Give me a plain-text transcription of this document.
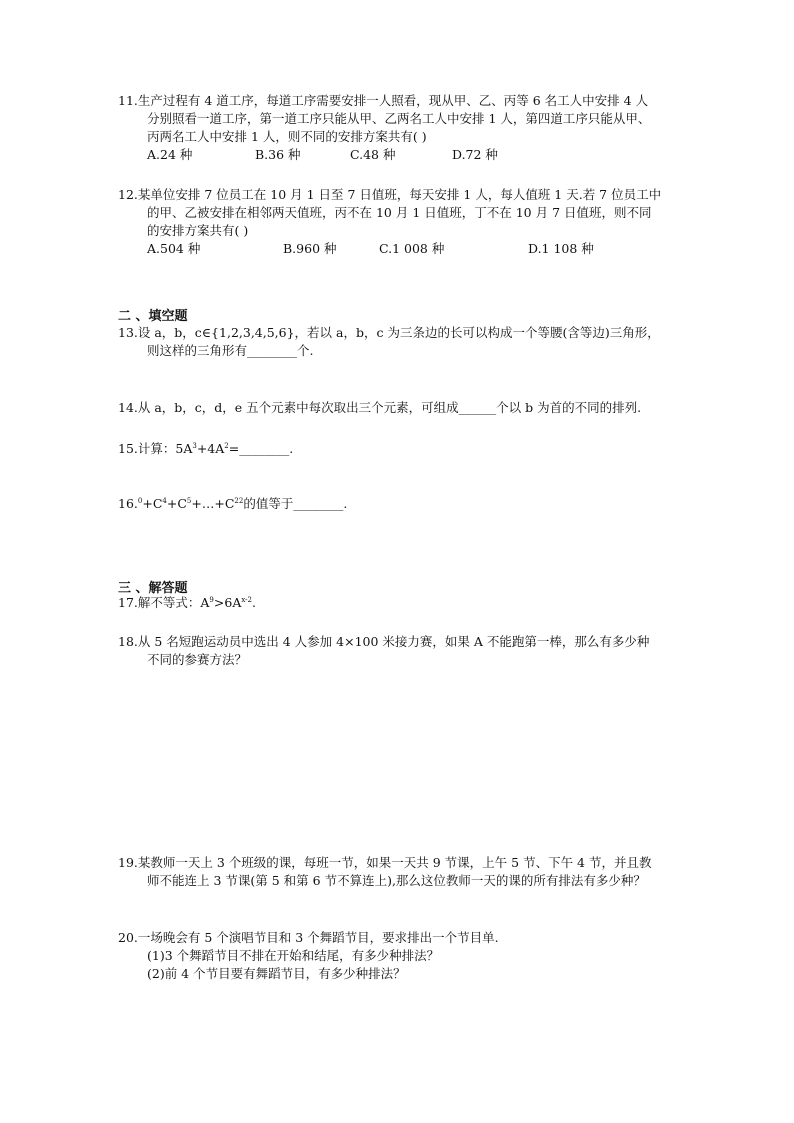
11.生产过程有 4 道工序，每道工序需要安排一人照看，现从甲、乙、丙等 6 名工人中安排 4 人
分别照看一道工序，第一道工序只能从甲、乙两名工人中安排 1 人，第四道工序只能从甲、
丙两名工人中安排 1 人，则不同的安排方案共有( )
A.24 种	B.36 种	C.48 种	D.72 种
12.某单位安排 7 位员工在 10 月 1 日至 7 日值班，每天安排 1 人，每人值班 1 天.若 7 位员工中
的甲、乙被安排在相邻两天值班，丙不在 10 月 1 日值班，丁不在 10 月 7 日值班，则不同
的安排方案共有( )
A.504 种	B.960 种	C.1 008 种	D.1 108 种
二 、填空题
13.设 a，b，c∈{1,2,3,4,5,6}，若以 a，b，c 为三条边的长可以构成一个等腰(含等边)三角形，
则这样的三角形有________个.
14.从 a，b，c，d，e 五个元素中每次取出三个元素，可组成______个以 b 为首的不同的排列.
15.计算：$5A^3+4A^2=\_\_\_\_\_\_\_\_$.
$16.^0+C^4+C^5+\dots+C^{22}$的值等于________.
三 、解答题
17.解不等式：$A^9>6A^{x-2}$.
18.从 5 名短跑运动员中选出 4 人参加 4×100 米接力赛，如果 A 不能跑第一棒，那么有多少种
不同的参赛方法？
19.某教师一天上 3 个班级的课，每班一节，如果一天共 9 节课，上午 5 节、下午 4 节，并且教
师不能连上 3 节课(第 5 和第 6 节不算连上),那么这位教师一天的课的所有排法有多少种？
20.一场晚会有 5 个演唱节目和 3 个舞蹈节目，要求排出一个节目单.
(1)3 个舞蹈节目不排在开始和结尾，有多少种排法？
(2)前 4 个节目要有舞蹈节目，有多少种排法？
